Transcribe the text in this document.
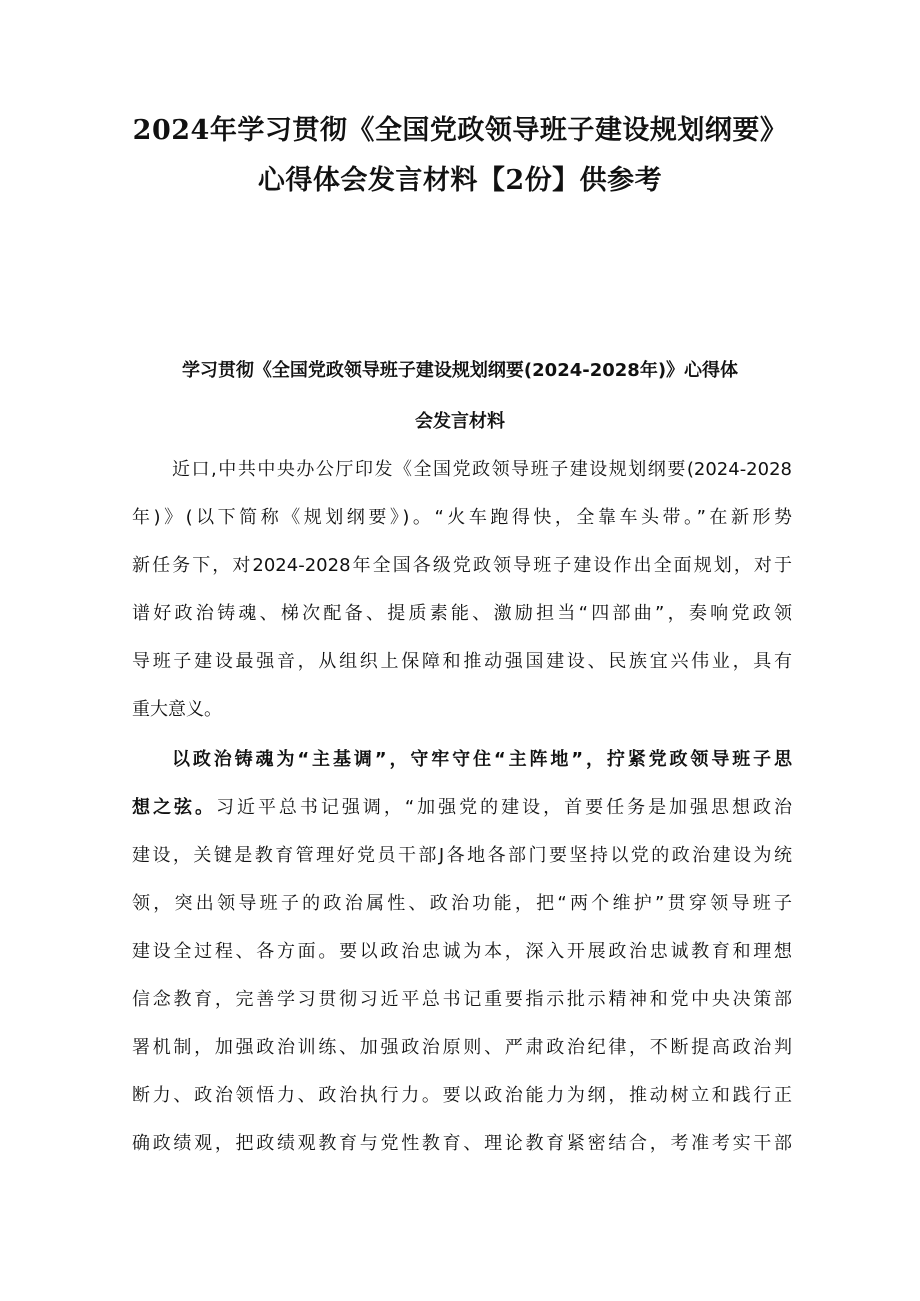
2024年学习贯彻《全国党政领导班子建设规划纲要》
心得体会发言材料【2份】供参考
学习贯彻《全国党政领导班子建设规划纲要(2024-2028年)》心得体
会发言材料
近口,中共中央办公厅印发《全国党政领导班子建设规划纲要(2024-2028
年)》(以下简称《规划纲要》)。“火车跑得快，全靠车头带。”在新形势
新任务下，对2024-2028年全国各级党政领导班子建设作出全面规划，对于
谱好政治铸魂、梯次配备、提质素能、激励担当“四部曲”，奏响党政领
导班子建设最强音，从组织上保障和推动强国建设、民族宜兴伟业，具有
重大意义。
以政治铸魂为“主基调”，守牢守住“主阵地”，拧紧党政领导班子思
想之弦。习近平总书记强调，“加强党的建设，首要任务是加强思想政治
建设，关键是教育管理好党员干部J各地各部门要坚持以党的政治建设为统
领，突出领导班子的政治属性、政治功能，把“两个维护”贯穿领导班子
建设全过程、各方面。要以政治忠诚为本，深入开展政治忠诚教育和理想
信念教育，完善学习贯彻习近平总书记重要指示批示精神和党中央决策部
署机制，加强政治训练、加强政治原则、严肃政治纪律，不断提高政治判
断力、政治领悟力、政治执行力。要以政治能力为纲，推动树立和践行正
确政绩观，把政绩观教育与党性教育、理论教育紧密结合，考准考实干部
